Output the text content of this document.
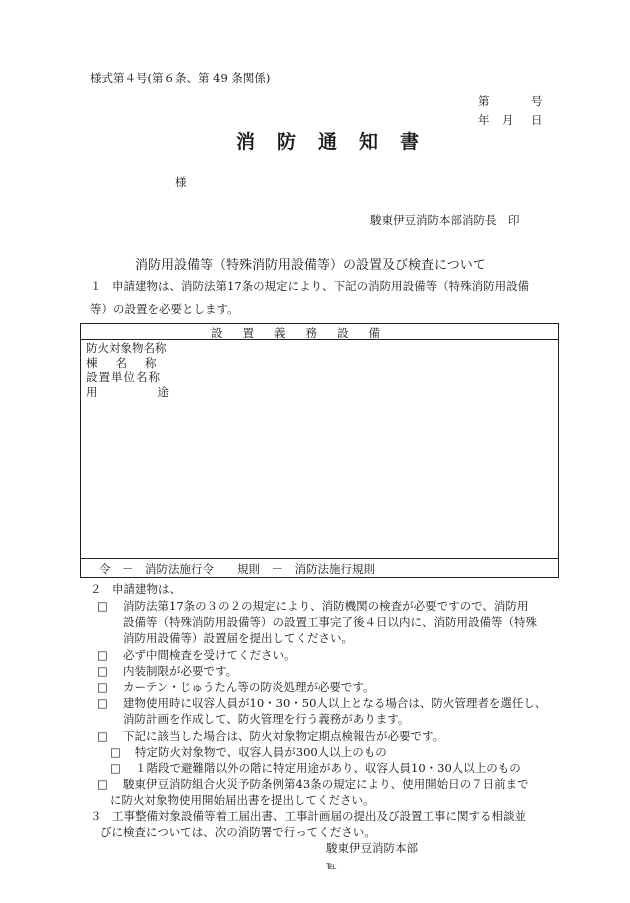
様式第４号(第６条、第 49 条関係)
第	号
年 月 日
消防通知書
様
駿東伊豆消防本部消防長　印
消防用設備等（特殊消防用設備等）の設置及び検査について
１ 申請建物は、消防法第17条の規定により、下記の消防用設備等（特殊消防用設備
等）の設置を必要とします。
設置義務設備
防火対象物名称
棟名称
設置単位名称
用途
令　－　消防法施行令　　規則　－　消防法施行規則
２ 申請建物は、
□ 消防法第17条の３の２の規定により、消防機関の検査が必要ですので、消防用
設備等（特殊消防用設備等）の設置工事完了後４日以内に、消防用設備等（特殊
消防用設備等）設置届を提出してください。
□ 必ず中間検査を受けてください。
□ 内装制限が必要です。
□ カーテン・じゅうたん等の防炎処理が必要です。
□ 建物使用時に収容人員が10・30・50人以上となる場合は、防火管理者を選任し、
消防計画を作成して、防火管理を行う義務があります。
□ 下記に該当した場合は、防火対象物定期点検報告が必要です。
□ 特定防火対象物で、収容人員が300人以上のもの
□ １階段で避難階以外の階に特定用途があり、収容人員10・30人以上のもの
□ 駿東伊豆消防組合火災予防条例第43条の規定により、使用開始日の７日前まで
に防火対象物使用開始届出書を提出してください。
３ 工事整備対象設備等着工届出書、工事計画届の提出及び設置工事に関する相談並
びに検査については、次の消防署で行ってください。
駿東伊豆消防本部
℡
